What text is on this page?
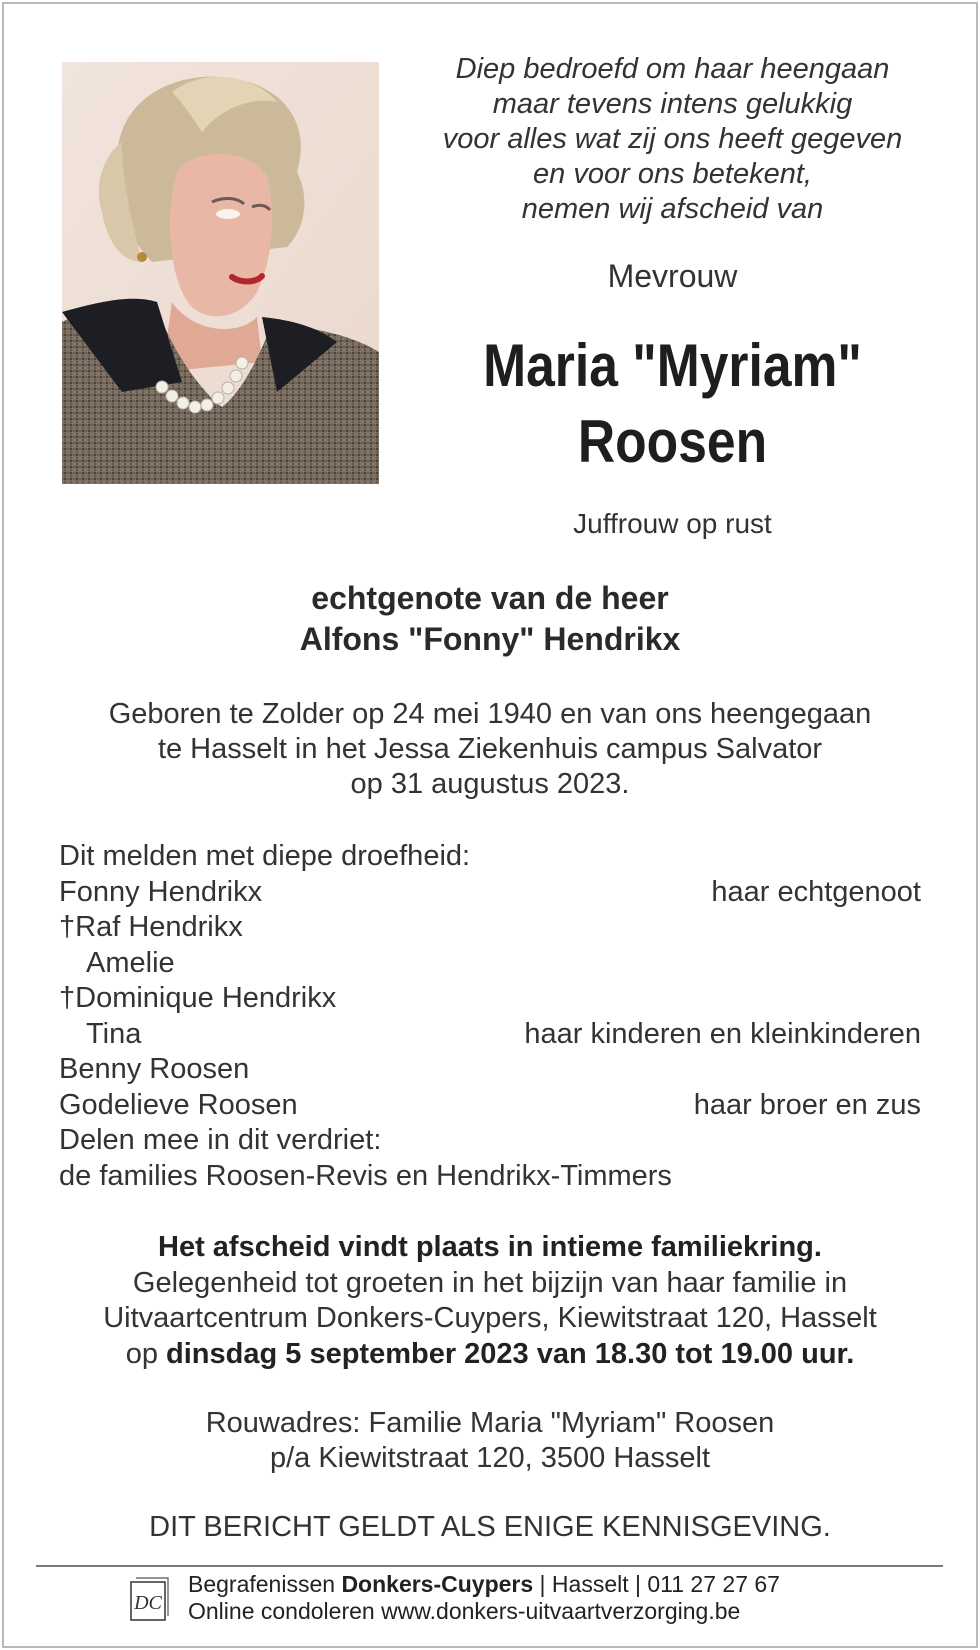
Diep bedroefd om haar heengaan
maar tevens intens gelukkig
voor alles wat zij ons heeft gegeven
en voor ons betekent,
nemen wij afscheid van
Mevrouw
Maria "Myriam"
Roosen
Juffrouw op rust
echtgenote van de heer
Alfons "Fonny" Hendrikx
Geboren te Zolder op 24 mei 1940 en van ons heengegaan
te Hasselt in het Jessa Ziekenhuis campus Salvator
op 31 augustus 2023.
Dit melden met diepe droefheid:
Fonny Hendrikx	haar echtgenoot
†Raf Hendrikx
Amelie
†Dominique Hendrikx
Tina	haar kinderen en kleinkinderen
Benny Roosen
Godelieve Roosen	haar broer en zus
Delen mee in dit verdriet:
de families Roosen-Revis en Hendrikx-Timmers
Het afscheid vindt plaats in intieme familiekring.
Gelegenheid tot groeten in het bijzijn van haar familie in
Uitvaartcentrum Donkers-Cuypers, Kiewitstraat 120, Hasselt
op dinsdag 5 september 2023 van 18.30 tot 19.00 uur.
Rouwadres: Familie Maria "Myriam" Roosen
p/a Kiewitstraat 120, 3500 Hasselt
DIT BERICHT GELDT ALS ENIGE KENNISGEVING.
DC
Begrafenissen Donkers-Cuypers | Hasselt | 011 27 27 67
Online condoleren www.donkers-uitvaartverzorging.be
